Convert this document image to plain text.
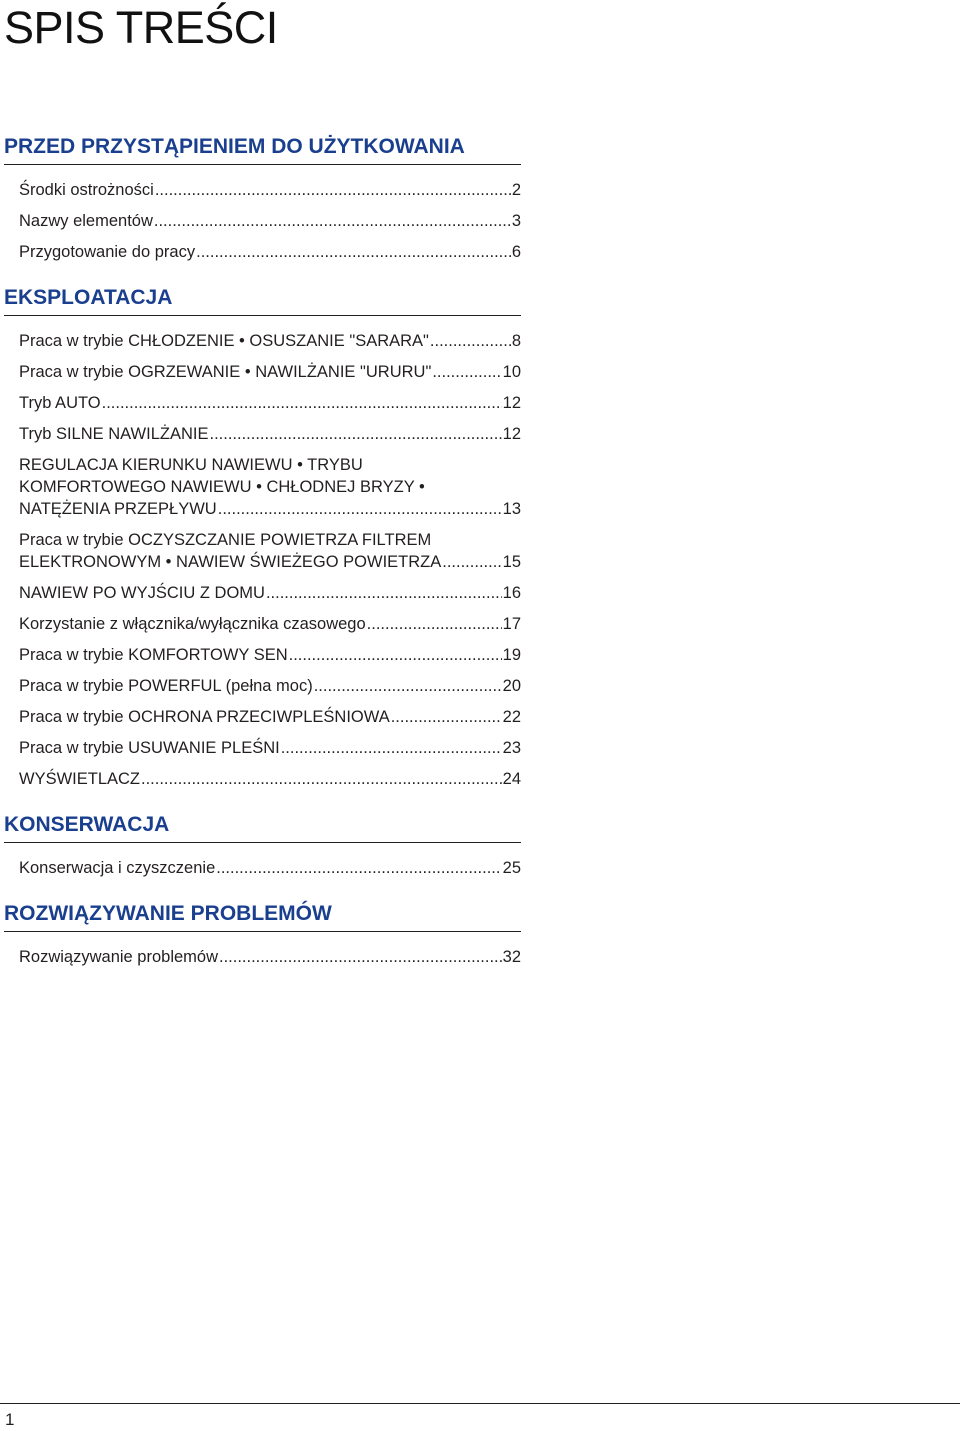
SPIS TREŚCI
PRZED PRZYSTĄPIENIEM DO UŻYTKOWANIA
Środki ostrożności .....	2
Nazwy elementów .....	3
Przygotowanie do pracy .....	6
EKSPLOATACJA
Praca w trybie CHŁODZENIE • OSUSZANIE "SARARA" .....	8
Praca w trybie OGRZEWANIE • NAWILŻANIE "URURU" .....	10
Tryb AUTO .....	12
Tryb SILNE NAWILŻANIE .....	12
REGULACJA KIERUNKU NAWIEWU • TRYBU
KOMFORTOWEGO NAWIEWU • CHŁODNEJ BRYZY •
NATĘŻENIA PRZEPŁYWU .....	13
Praca w trybie OCZYSZCZANIE POWIETRZA FILTREM
ELEKTRONOWYM • NAWIEW ŚWIEŻEGO POWIETRZA .....	15
NAWIEW PO WYJŚCIU Z DOMU .....	16
Korzystanie z włącznika/wyłącznika czasowego .....	17
Praca w trybie KOMFORTOWY SEN .....	19
Praca w trybie POWERFUL (pełna moc) .....	20
Praca w trybie OCHRONA PRZECIWPLEŚNIOWA .....	22
Praca w trybie USUWANIE PLEŚNI .....	23
WYŚWIETLACZ .....	24
KONSERWACJA
Konserwacja i czyszczenie .....	25
ROZWIĄZYWANIE PROBLEMÓW
Rozwiązywanie problemów .....	32
1
